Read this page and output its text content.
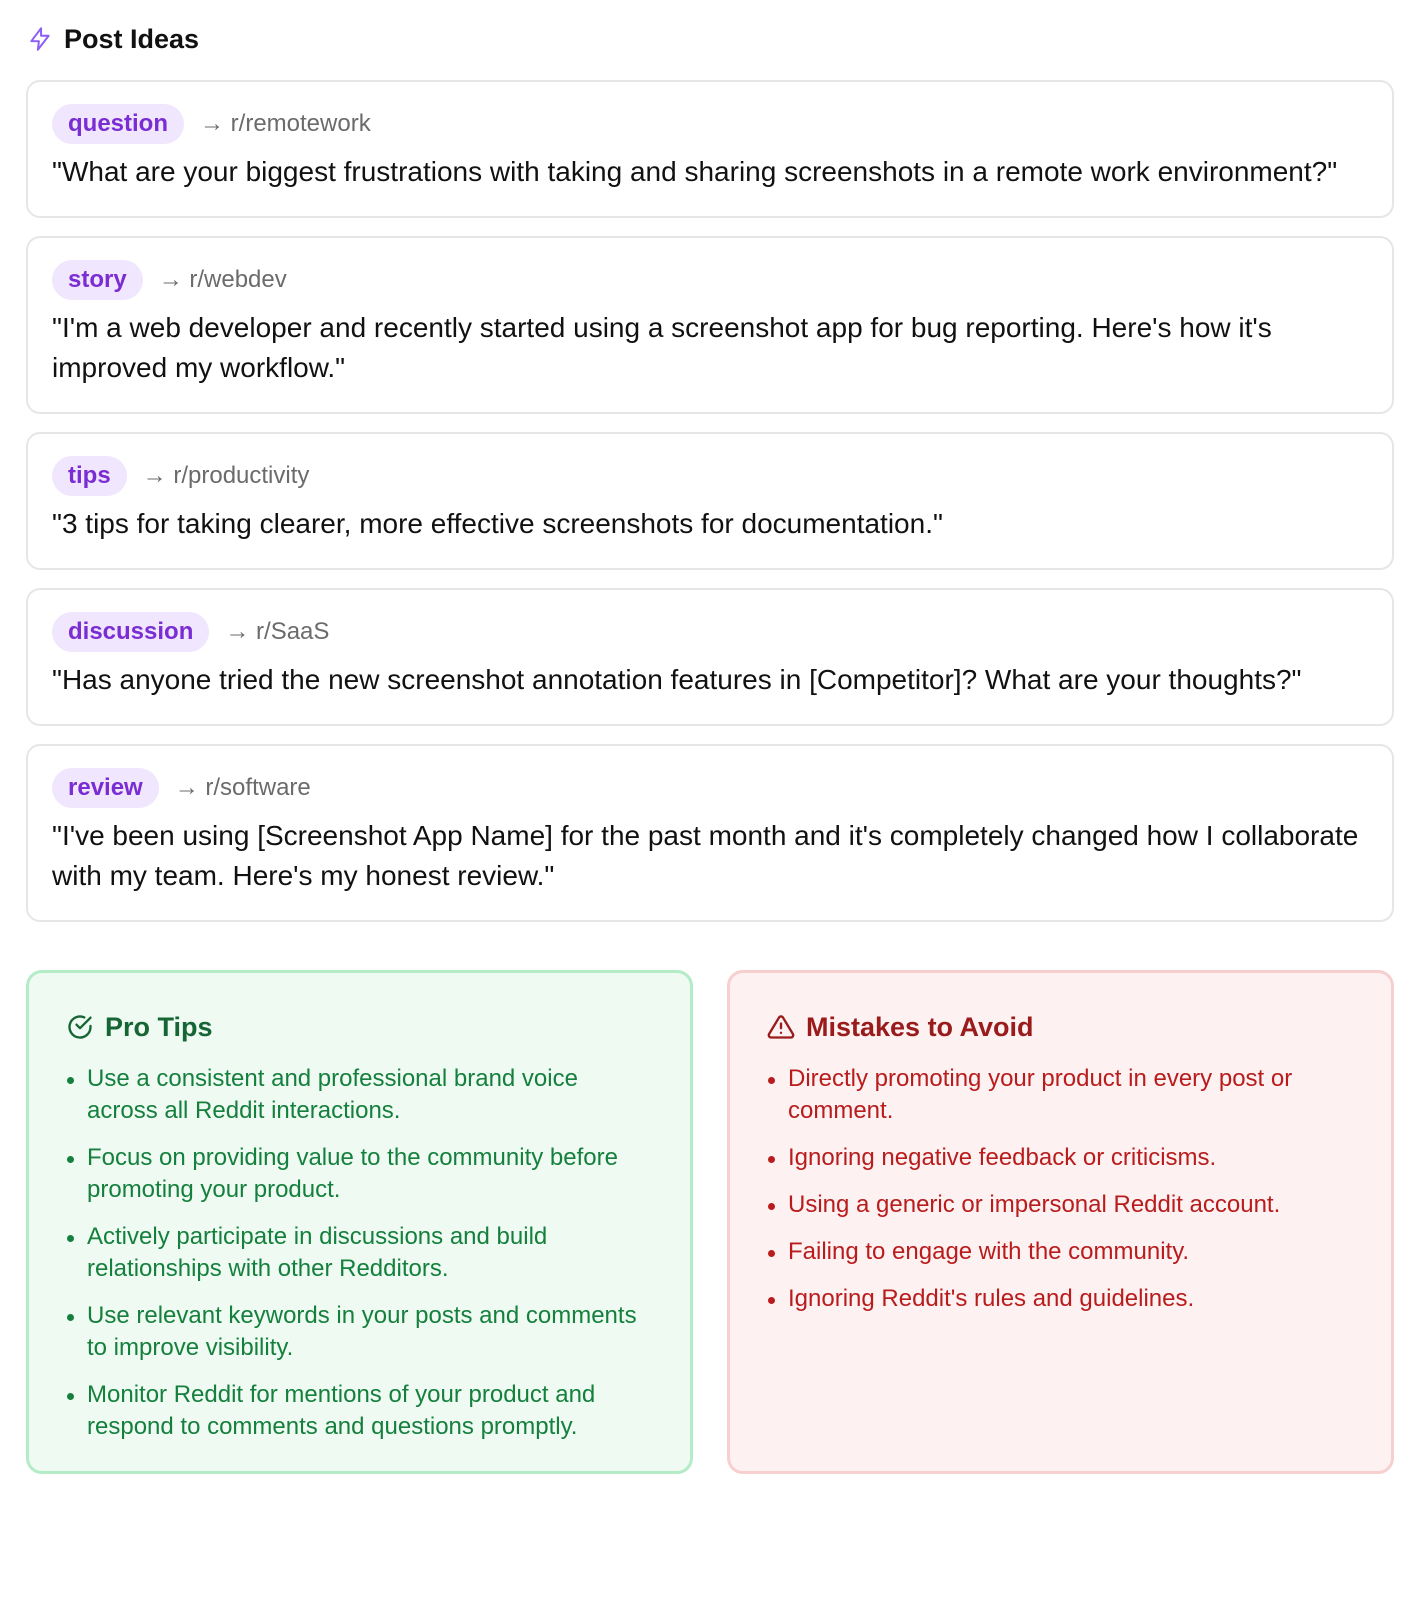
Post Ideas
question	→ r/remotework
"What are your biggest frustrations with taking and sharing screenshots in a remote work environment?"
story	→ r/webdev
"I'm a web developer and recently started using a screenshot app for bug reporting. Here's how it's improved my workflow."
tips	→ r/productivity
"3 tips for taking clearer, more effective screenshots for documentation."
discussion	→ r/SaaS
"Has anyone tried the new screenshot annotation features in [Competitor]? What are your thoughts?"
review	→ r/software
"I've been using [Screenshot App Name] for the past month and it's completely changed how I collaborate with my team. Here's my honest review."
Pro Tips
Use a consistent and professional brand voice across all Reddit interactions.
Focus on providing value to the community before promoting your product.
Actively participate in discussions and build relationships with other Redditors.
Use relevant keywords in your posts and comments to improve visibility.
Monitor Reddit for mentions of your product and respond to comments and questions promptly.
Mistakes to Avoid
Directly promoting your product in every post or comment.
Ignoring negative feedback or criticisms.
Using a generic or impersonal Reddit account.
Failing to engage with the community.
Ignoring Reddit's rules and guidelines.
